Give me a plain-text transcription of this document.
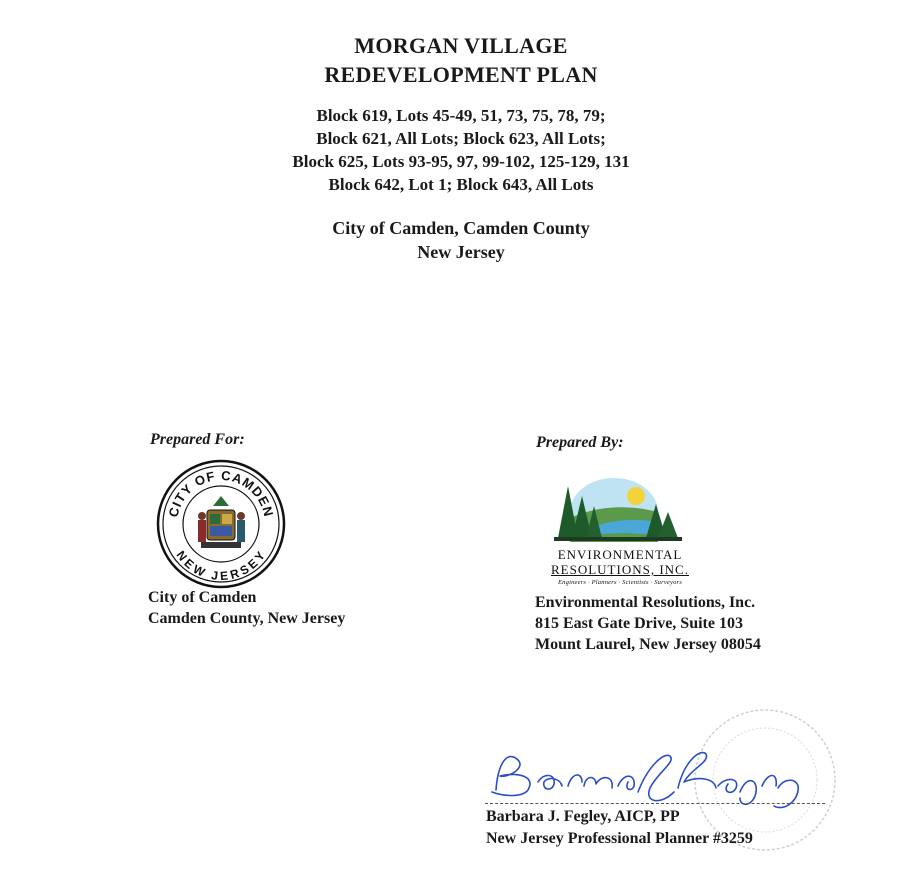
MORGAN VILLAGE
REDEVELOPMENT PLAN
Block 619, Lots 45-49, 51, 73, 75, 78, 79;
Block 621, All Lots; Block 623, All Lots;
Block 625, Lots 93-95, 97, 99-102, 125-129, 131
Block 642, Lot 1; Block 643, All Lots
City of Camden, Camden County
New Jersey
Prepared For:
CITY OF CAMDEN
NEW JERSEY
City of Camden
Camden County, New Jersey
Prepared By:
ENVIRONMENTAL
RESOLUTIONS, INC.
Engineers · Planners · Scientists · Surveyors
Environmental Resolutions, Inc.
815 East Gate Drive, Suite 103
Mount Laurel, New Jersey 08054
Barbara J. Fegley, AICP, PP
New Jersey Professional Planner #3259
